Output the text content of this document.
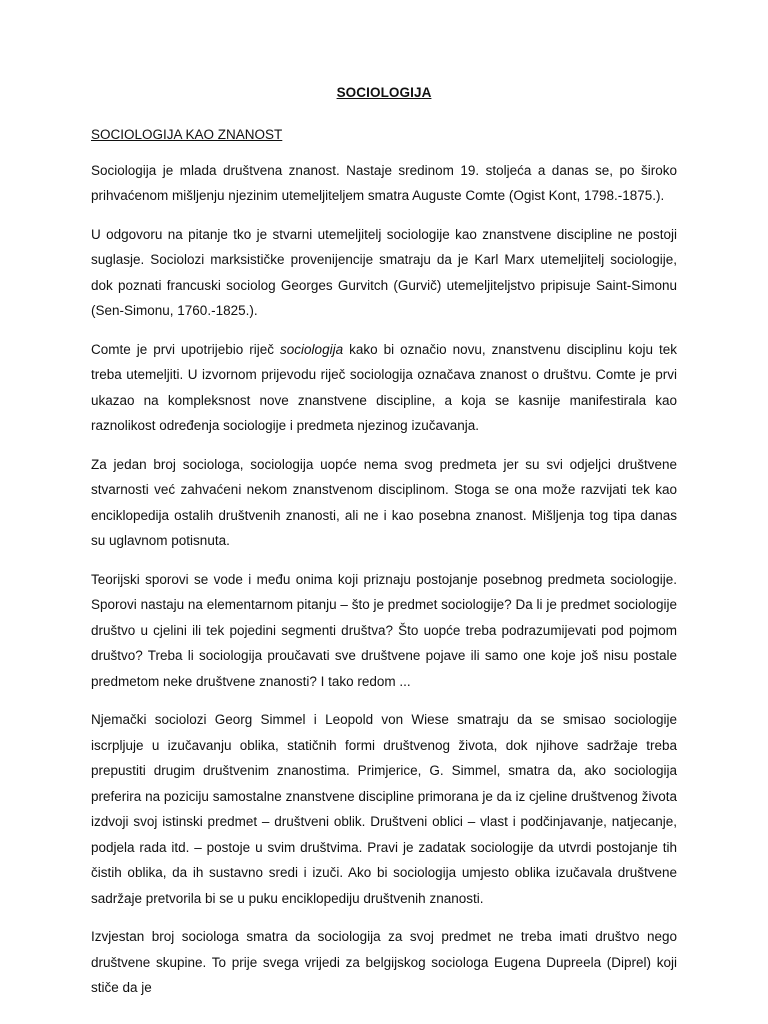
SOCIOLOGIJA
SOCIOLOGIJA KAO ZNANOST

Sociologija je mlada društvena znanost. Nastaje sredinom 19. stoljeća a danas se, po široko prihvaćenom mišljenju njezinim utemeljiteljem smatra Auguste Comte (Ogist Kont, 1798.-1875.).

U odgovoru na pitanje tko je stvarni utemeljitelj sociologije kao znanstvene discipline ne postoji suglasje. Sociolozi marksističke provenijencije smatraju da je Karl Marx utemeljitelj sociologije, dok poznati francuski sociolog Georges Gurvitch (Gurvič) utemeljiteljstvo pripisuje Saint-Simonu (Sen-Simonu, 1760.-1825.).

Comte je prvi upotrijebio riječ sociologija kako bi označio novu, znanstvenu disciplinu koju tek treba utemeljiti. U izvornom prijevodu riječ sociologija označava znanost o društvu. Comte je prvi ukazao na kompleksnost nove znanstvene discipline, a koja se kasnije manifestirala kao raznolikost određenja sociologije i predmeta njezinog izučavanja.

Za jedan broj sociologa, sociologija uopće nema svog predmeta jer su svi odjeljci društvene stvarnosti već zahvaćeni nekom znanstvenom disciplinom. Stoga se ona može razvijati tek kao enciklopedija ostalih društvenih znanosti, ali ne i kao posebna znanost. Mišljenja tog tipa danas su uglavnom potisnuta.

Teorijski sporovi se vode i među onima koji priznaju postojanje posebnog predmeta sociologije. Sporovi nastaju na elementarnom pitanju – što je predmet sociologije? Da li je predmet sociologije društvo u cjelini ili tek pojedini segmenti društva? Što uopće treba podrazumijevati pod pojmom društvo? Treba li sociologija proučavati sve društvene pojave ili samo one koje još nisu postale predmetom neke društvene znanosti? I tako redom ...

Njemački sociolozi Georg Simmel i Leopold von Wiese smatraju da se smisao sociologije iscrpljuje u izučavanju oblika, statičnih formi društvenog života, dok njihove sadržaje treba prepustiti drugim društvenim znanostima. Primjerice, G. Simmel, smatra da, ako sociologija preferira na poziciju samostalne znanstvene discipline primorana je da iz cjeline društvenog života izdvoji svoj istinski predmet – društveni oblik. Društveni oblici – vlast i podčinjavanje, natjecanje, podjela rada itd. – postoje u svim društvima. Pravi je zadatak sociologije da utvrdi postojanje tih čistih oblika, da ih sustavno sredi i izuči. Ako bi sociologija umjesto oblika izučavala društvene sadržaje pretvorila bi se u puku enciklopediju društvenih znanosti.

Izvjestan broj sociologa smatra da sociologija za svoj predmet ne treba imati društvo nego društvene skupine. To prije svega vrijedi za belgijskog sociologa Eugena Dupreela (Diprel) koji stiče da je
